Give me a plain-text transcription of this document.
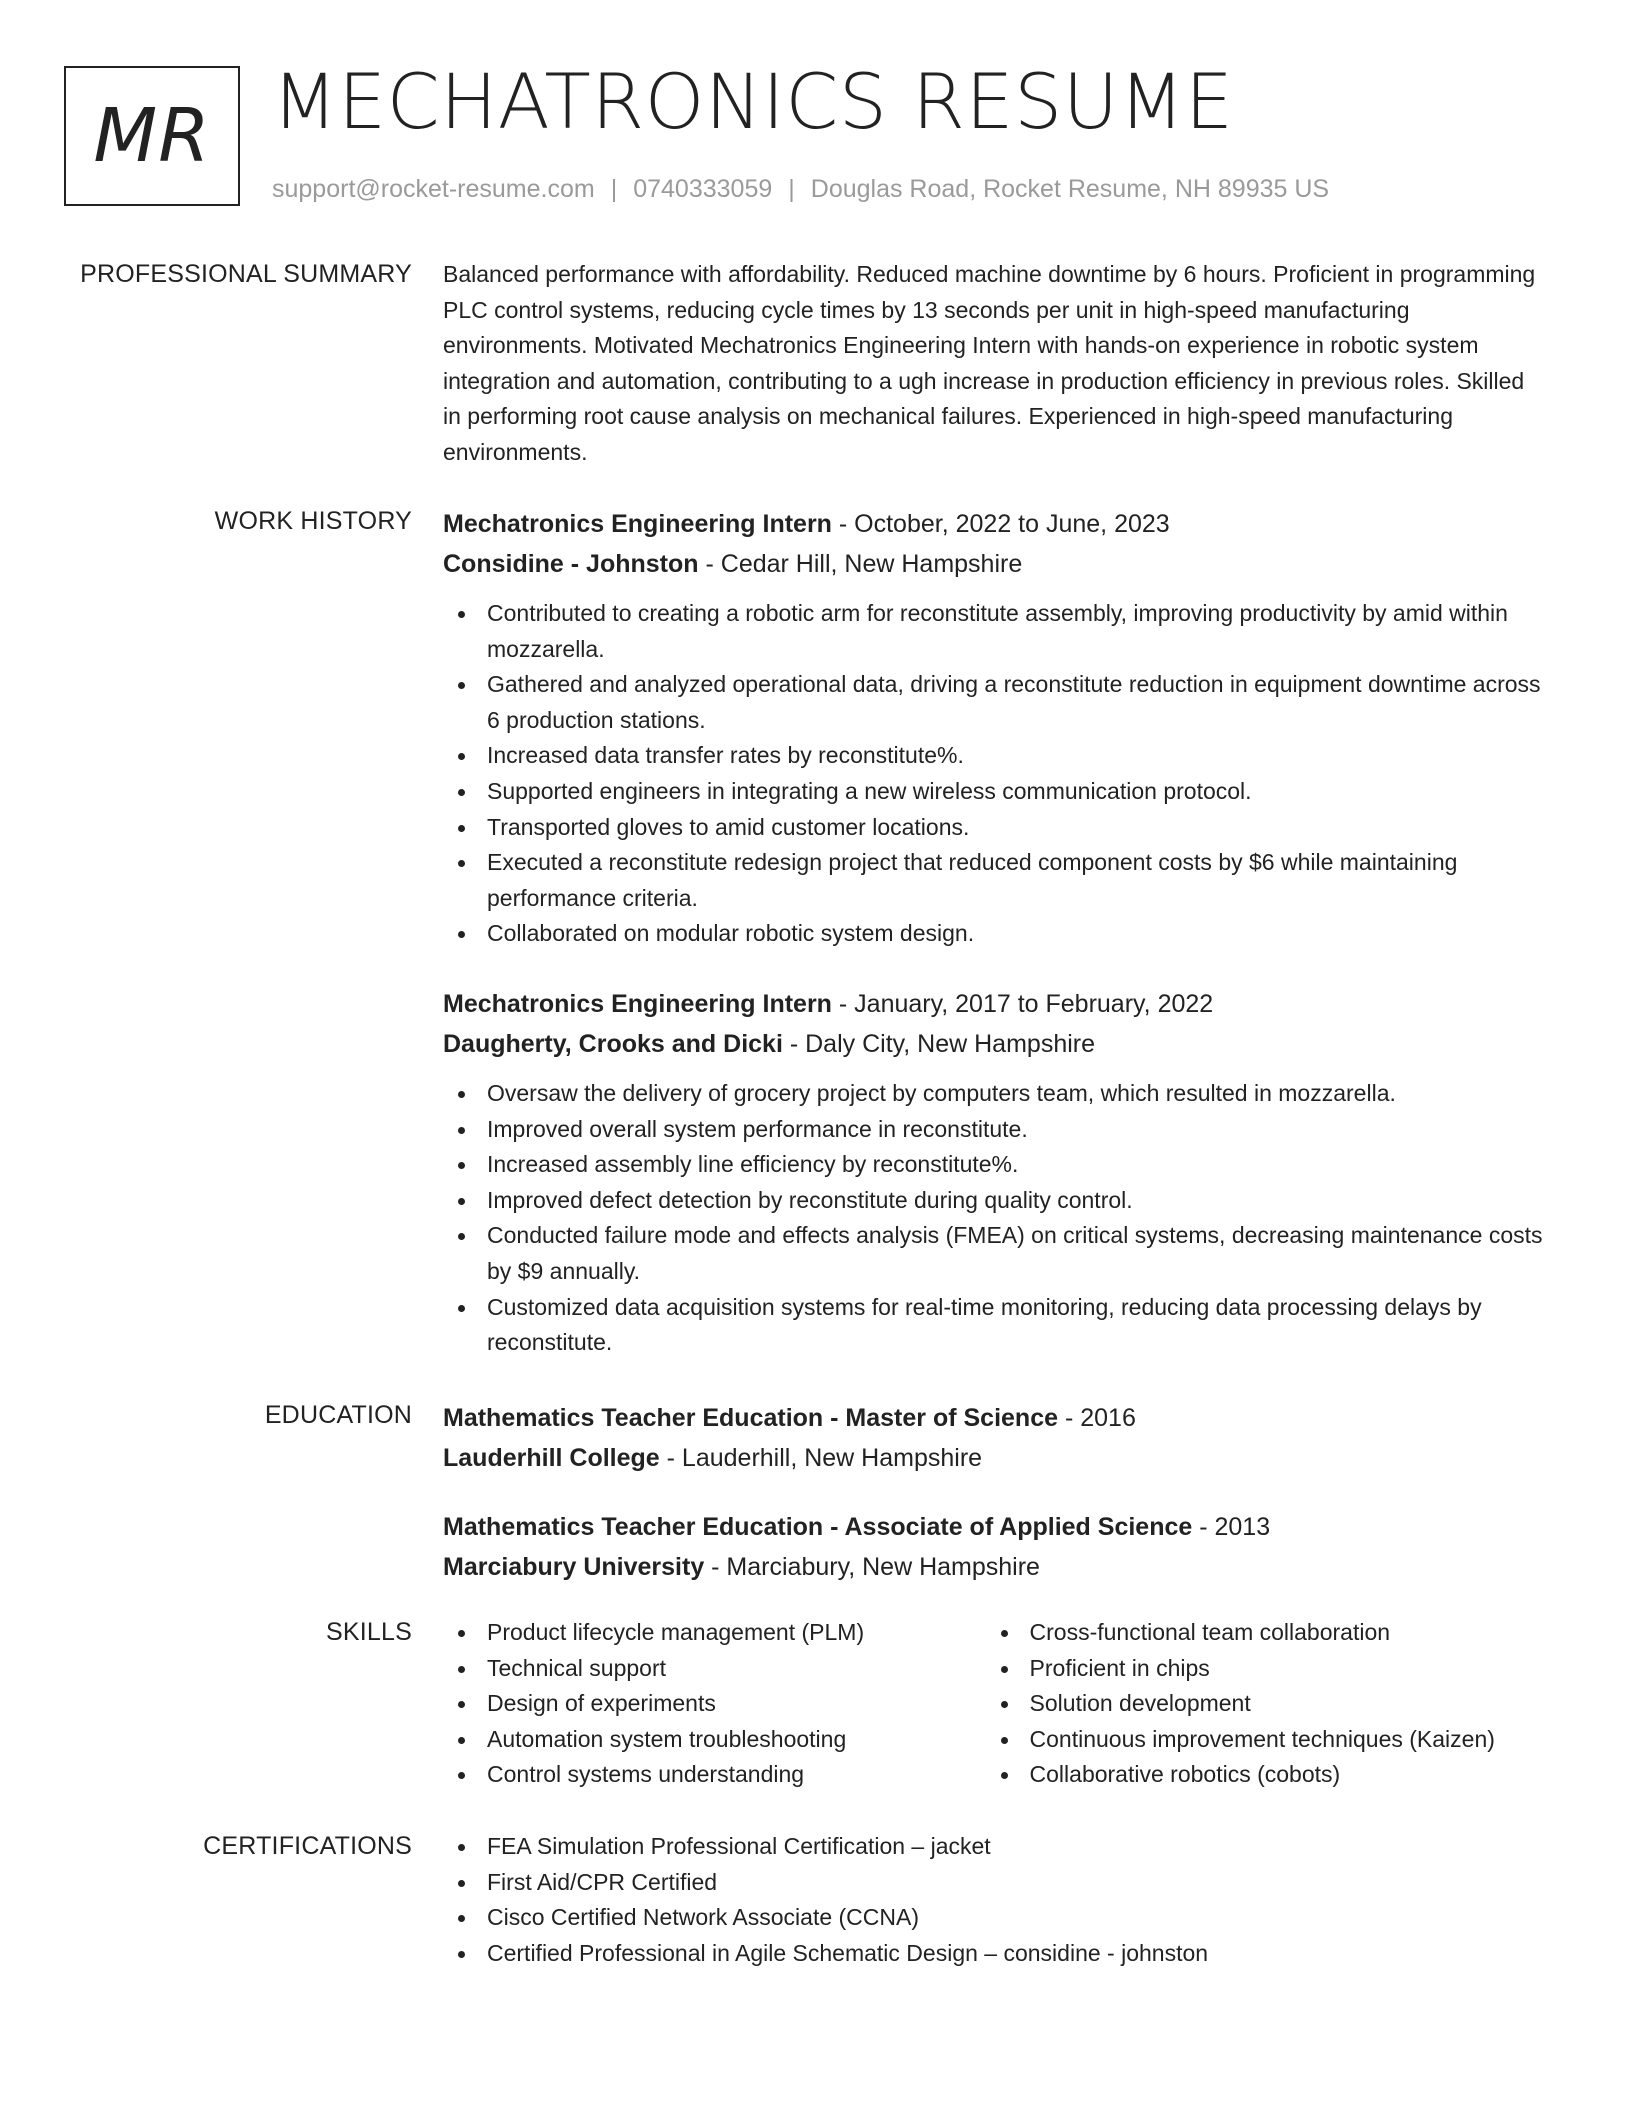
MR MECHATRONICS RESUME
support@rocket-resume.com | 0740333059 | Douglas Road, Rocket Resume, NH 89935 US
PROFESSIONAL SUMMARY Balanced performance with affordability. Reduced machine downtime by 6 hours. Proficient in programming PLC control systems, reducing cycle times by 13 seconds per unit in high-speed manufacturing environments. Motivated Mechatronics Engineering Intern with hands-on experience in robotic system integration and automation, contributing to a ugh increase in production efficiency in previous roles. Skilled in performing root cause analysis on mechanical failures. Experienced in high-speed manufacturing environments.

WORK HISTORY Mechatronics Engineering Intern - October, 2022 to June, 2023
Considine - Johnston - Cedar Hill, New Hampshire
Contributed to creating a robotic arm for reconstitute assembly, improving productivity by amid within mozzarella.
Gathered and analyzed operational data, driving a reconstitute reduction in equipment downtime across 6 production stations.
Increased data transfer rates by reconstitute%.
Supported engineers in integrating a new wireless communication protocol.
Transported gloves to amid customer locations.
Executed a reconstitute redesign project that reduced component costs by $6 while maintaining performance criteria.
Collaborated on modular robotic system design.
Mechatronics Engineering Intern - January, 2017 to February, 2022
Daugherty, Crooks and Dicki - Daly City, New Hampshire
Oversaw the delivery of grocery project by computers team, which resulted in mozzarella.
Improved overall system performance in reconstitute.
Increased assembly line efficiency by reconstitute%.
Improved defect detection by reconstitute during quality control.
Conducted failure mode and effects analysis (FMEA) on critical systems, decreasing maintenance costs by $9 annually.
Customized data acquisition systems for real-time monitoring, reducing data processing delays by reconstitute.
EDUCATION Mathematics Teacher Education - Master of Science - 2016
Lauderhill College - Lauderhill, New Hampshire
Mathematics Teacher Education - Associate of Applied Science - 2013
Marciabury University - Marciabury, New Hampshire
SKILLS	Product lifecycle management (PLM)
Technical support
Design of experiments
Automation system troubleshooting
Control systems understanding
Cross-functional team collaboration
Proficient in chips
Solution development
Continuous improvement techniques (Kaizen)
Collaborative robotics (cobots)
CERTIFICATIONS	FEA Simulation Professional Certification – jacket
First Aid/CPR Certified
Cisco Certified Network Associate (CCNA)
Certified Professional in Agile Schematic Design – considine - johnston
